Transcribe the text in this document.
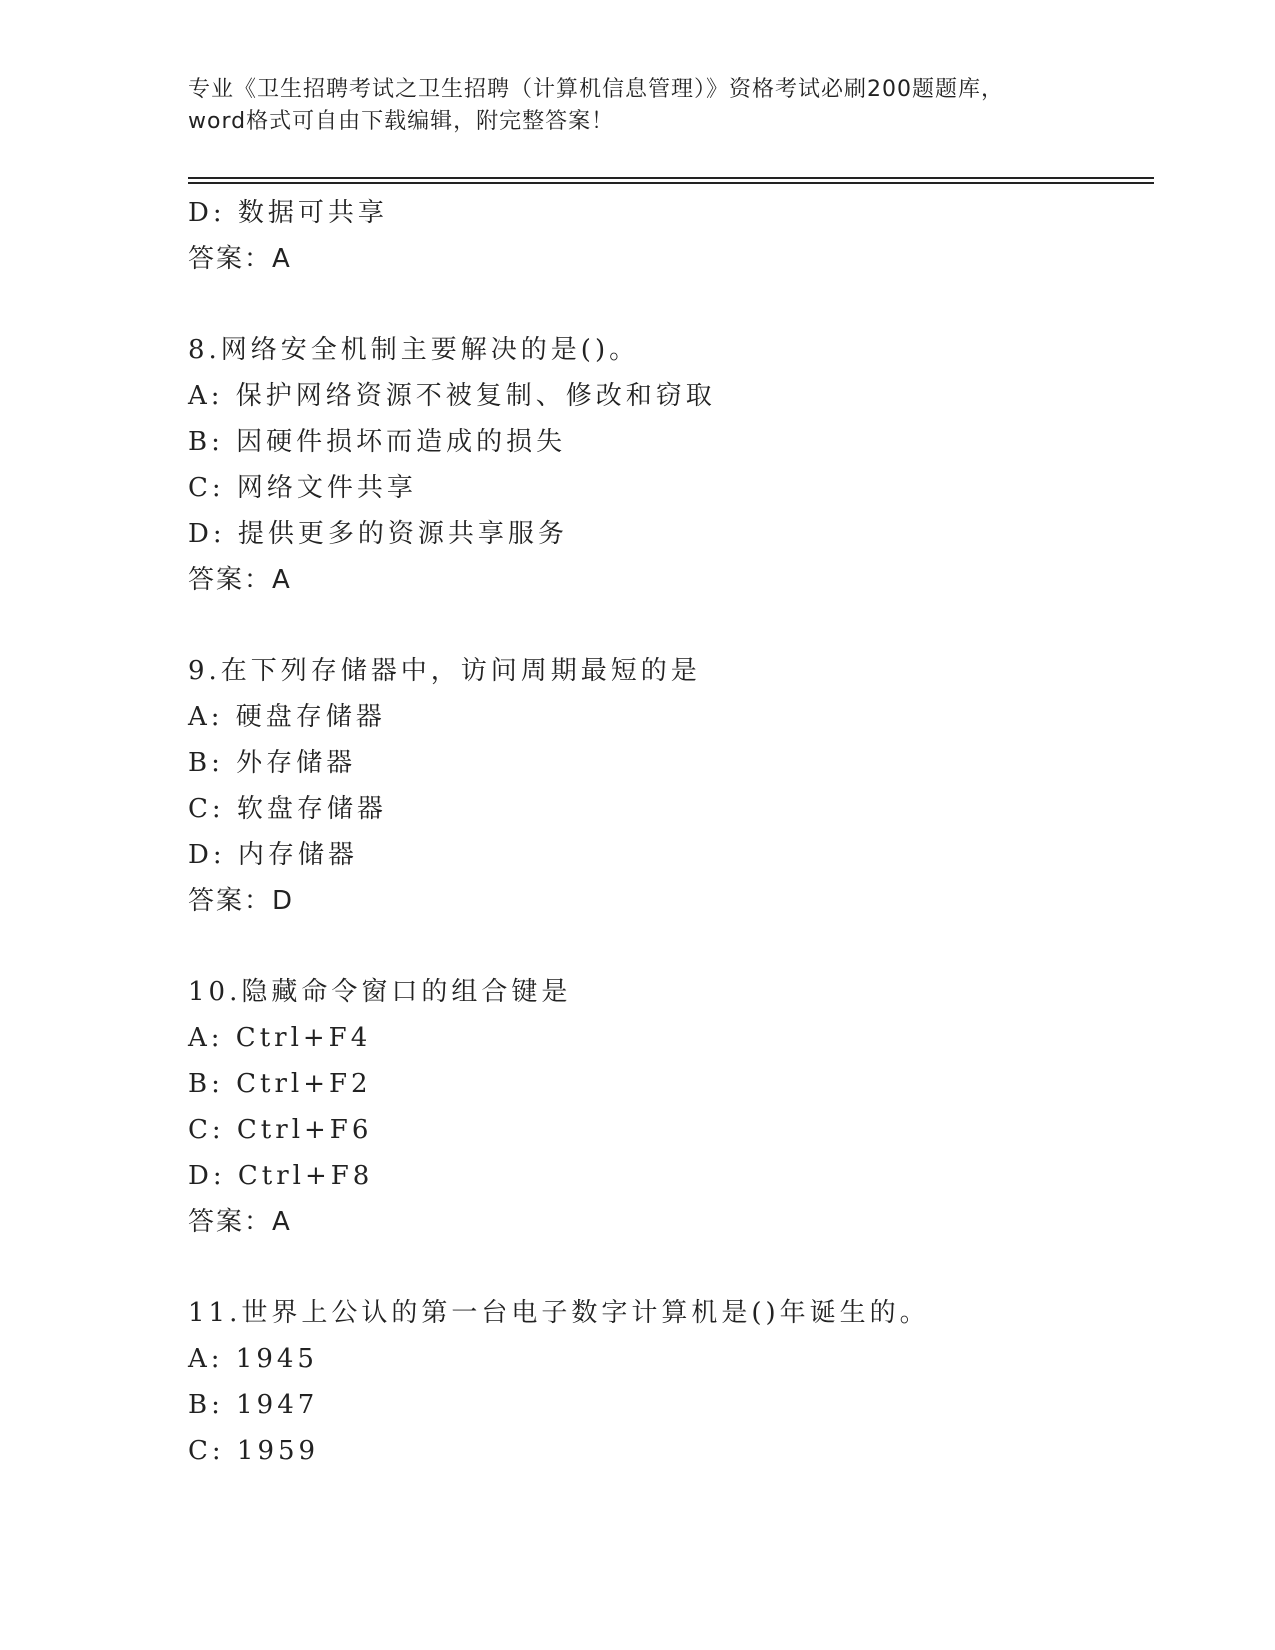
专业《卫生招聘考试之卫生招聘（计算机信息管理）》资格考试必刷200题题库，
word格式可自由下载编辑，附完整答案！
D: 数据可共享
答案：A
8.网络安全机制主要解决的是()。
A: 保护网络资源不被复制、修改和窃取
B: 因硬件损坏而造成的损失
C: 网络文件共享
D: 提供更多的资源共享服务
答案：A
9.在下列存储器中，访问周期最短的是
A: 硬盘存储器
B: 外存储器
C: 软盘存储器
D: 内存储器
答案：D
10.隐藏命令窗口的组合键是
A: Ctrl+F4
B: Ctrl+F2
C: Ctrl+F6
D: Ctrl+F8
答案：A
11.世界上公认的第一台电子数字计算机是()年诞生的。
A: 1945
B: 1947
C: 1959
